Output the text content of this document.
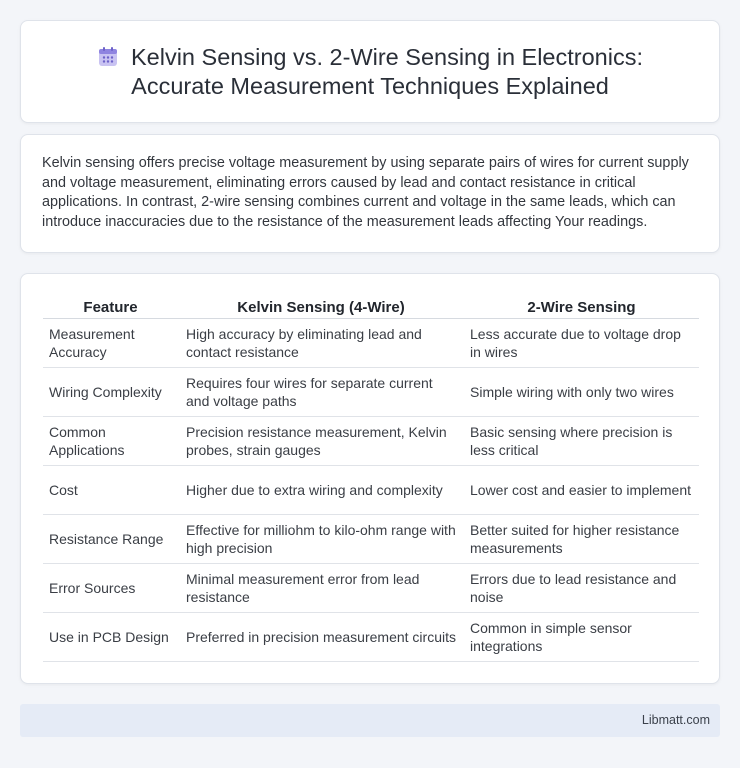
Kelvin Sensing vs. 2-Wire Sensing in Electronics:
Accurate Measurement Techniques Explained

Kelvin sensing offers precise voltage measurement by using separate pairs of wires for current supply and voltage measurement, eliminating errors caused by lead and contact resistance in critical applications. In contrast, 2-wire sensing combines current and voltage in the same leads, which can introduce inaccuracies due to the resistance of the measurement leads affecting Your readings.

Feature	Kelvin Sensing (4-Wire)	2-Wire Sensing
Measurement Accuracy	High accuracy by eliminating lead and contact resistance	Less accurate due to voltage drop in wires
Wiring Complexity	Requires four wires for separate current and voltage paths	Simple wiring with only two wires
Common Applications	Precision resistance measurement, Kelvin probes, strain gauges	Basic sensing where precision is less critical
Cost	Higher due to extra wiring and complexity	Lower cost and easier to implement
Resistance Range	Effective for milliohm to kilo-ohm range with high precision	Better suited for higher resistance measurements
Error Sources	Minimal measurement error from lead resistance	Errors due to lead resistance and noise
Use in PCB Design	Preferred in precision measurement circuits	Common in simple sensor integrations
Libmatt.com
